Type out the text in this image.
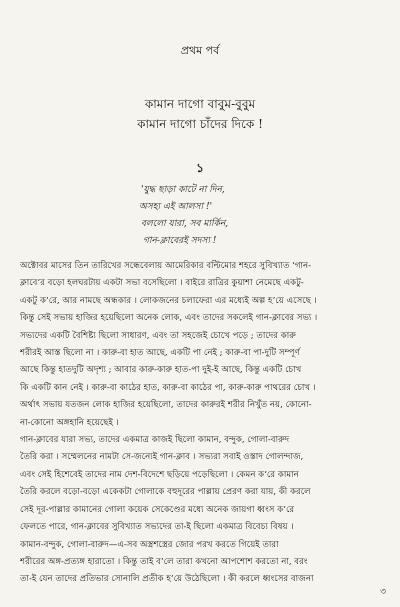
প্রথম পর্ব
কামান দাগো বাবুম-বুবুম
কামান দাগো চাঁদের দিকে !
১
'যুদ্ধ ছাড়া কাটে না দিন,
অসহ্য এই আলসা !'
বললো যারা, সব মার্কিন,
গান-ক্লাবেরই সদস্য !
অক্টোবর মাসের তিন তারিখের সন্ধেবেলায় আমেরিকার বল্টিমোর শহরে সুবিখ্যাত ‘গান-
ক্লাবে’র বড়ো হলঘরটায় একটা সভা বসেছিলো । বাইরে রাত্রির কুয়াশা নেমেছে একটু-
একটু ক’রে, আর নামছে অন্ধকার । লোকজনের চলাফেরা এর মধ্যেই অল্প হ’য়ে এসেছে ।
কিন্তু সেই সভায় হাজির হয়েছিলো অনেক লোক, এবং তাদের সকলেই গান-ক্লাবের সভ্য ।
সভ্যদের একটি বৈশিষ্ট্য ছিলো সাধারণ, এবং তা সহজেই চোখে পড়ে ; তাদের কারু
শরীরই আস্ত ছিলো না । কারু-বা হাত আছে, একটি পা নেই ; কারু-বা পা-দুটি সম্পূর্ণ
আছে কিন্তু হাতদুটি অদৃশ্য ; আবার কারু-কারু হাত-পা দুই-ই আছে, কিন্তু একটি চোখ
কি একটি কান নেই । কারু-বা কাঠের হাত, কারু-বা কাঠের পা, কারু-কারু পাথরের চোখ ।
অর্থাৎ সভায় যতজন লোক হাজির হয়েছিলো, তাদের কারুরই শরীর নিখুঁত নয়, কোনো-
না-কোনো অঙ্গহানি হয়েছেই ।
গান-ক্লাবের যারা সভ্য, তাদের একমাত্র কাজই ছিলো কামান, বন্দুক, গোলা-বারুদ
তৈরি করা । সম্মেলনের নামটা সে-জন্যেই গান-ক্লাব । সভ্যরা সবাই ওস্তাদ গোলন্দাজ,
এবং সেই হিশেবেই তাদের নাম দেশ-বিদেশে ছড়িয়ে পড়েছিলো । কেমন ক’রে কামান
তৈরি করলে বড়ো-বড়ো একেকটা গোলাকে বহুদূরের পাল্লায় প্রেরণ করা যায়, কী করলে
সেই দূর-পাল্লার কামানের গোলা কয়েক সেকেণ্ডের মধ্যে অনেক জায়গা ধ্বংস ক’রে
ফেলতে পারে, গান-ক্লাবের সুবিখ্যাত সভ্যদের তা-ই ছিলো একমাত্র বিবেচ্য বিষয় ।
কামান-বন্দুক, গোলা-বারুদ—এ-সব অস্ত্রশস্ত্রের জোর পরখ করতে গিয়েই তারা
শরীরের অঙ্গ-প্রত্যঙ্গ হারাতো । কিন্তু তাই ব’লে তারা কখনো আপশোশ করতো না, বরং
তা-ই যেন তাদের প্রতিভার সোনালি প্রতীক হ’য়ে উঠেছিলো । কী করলে ধ্বংসের বাজনা
৩
